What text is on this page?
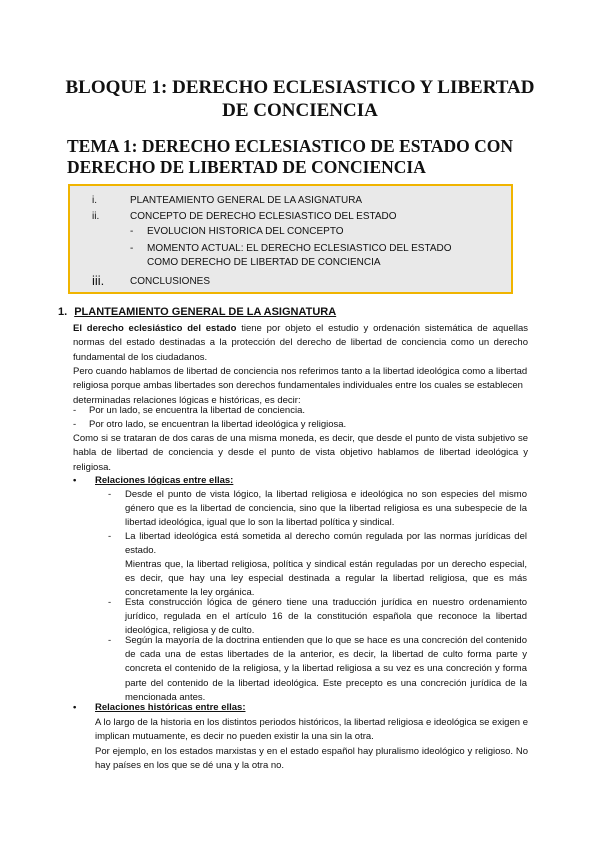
BLOQUE 1: DERECHO ECLESIASTICO Y LIBERTAD
DE CONCIENCIA
TEMA 1: DERECHO ECLESIASTICO DE ESTADO CON
DERECHO DE LIBERTAD DE CONCIENCIA
i.	PLANTEAMIENTO GENERAL DE LA ASIGNATURA
ii.	CONCEPTO DE DERECHO ECLESIASTICO DEL ESTADO
- EVOLUCION HISTORICA DEL CONCEPTO
- MOMENTO ACTUAL: EL DERECHO ECLESIASTICO DEL ESTADO COMO DERECHO DE LIBERTAD DE CONCIENCIA
iii.	CONCLUSIONES
1. PLANTEAMIENTO GENERAL DE LA ASIGNATURA

El derecho eclesiástico del estado tiene por objeto el estudio y ordenación sistemática de aquellas normas del estado destinadas a la protección del derecho de libertad de conciencia como un derecho fundamental de los ciudadanos.

Pero cuando hablamos de libertad de conciencia nos referimos tanto a la libertad ideológica como a libertad religiosa porque ambas libertades son derechos fundamentales individuales entre los cuales se establecen determinadas relaciones lógicas e históricas, es decir:

- Por un lado, se encuentra la libertad de conciencia.
- Por otro lado, se encuentran la libertad ideológica y religiosa.

Como si se trataran de dos caras de una misma moneda, es decir, que desde el punto de vista subjetivo se habla de libertad de conciencia y desde el punto de vista objetivo hablamos de libertad ideológica y religiosa.

• Relaciones lógicas entre ellas:
- Desde el punto de vista lógico, la libertad religiosa e ideológica no son especies del mismo género que es la libertad de conciencia, sino que la libertad religiosa es una subespecie de la libertad ideológica, igual que lo son la libertad política y sindical.
- La libertad ideológica está sometida al derecho común regulada por las normas jurídicas del estado.
Mientras que, la libertad religiosa, política y sindical están reguladas por un derecho especial, es decir, que hay una ley especial destinada a regular la libertad religiosa, que es más concretamente la ley orgánica.
- Esta construcción lógica de género tiene una traducción jurídica en nuestro ordenamiento jurídico, regulada en el artículo 16 de la constitución española que reconoce la libertad ideológica, religiosa y de culto.
- Según la mayoría de la doctrina entienden que lo que se hace es una concreción del contenido de cada una de estas libertades de la anterior, es decir, la libertad de culto forma parte y concreta el contenido de la religiosa, y la libertad religiosa a su vez es una concreción y forma parte del contenido de la libertad ideológica. Este precepto es una concreción jurídica de la mencionada antes.
• Relaciones históricas entre ellas:

A lo largo de la historia en los distintos periodos históricos, la libertad religiosa e ideológica se exigen e implican mutuamente, es decir no pueden existir la una sin la otra.

Por ejemplo, en los estados marxistas y en el estado español hay pluralismo ideológico y religioso. No hay países en los que se dé una y la otra no.
